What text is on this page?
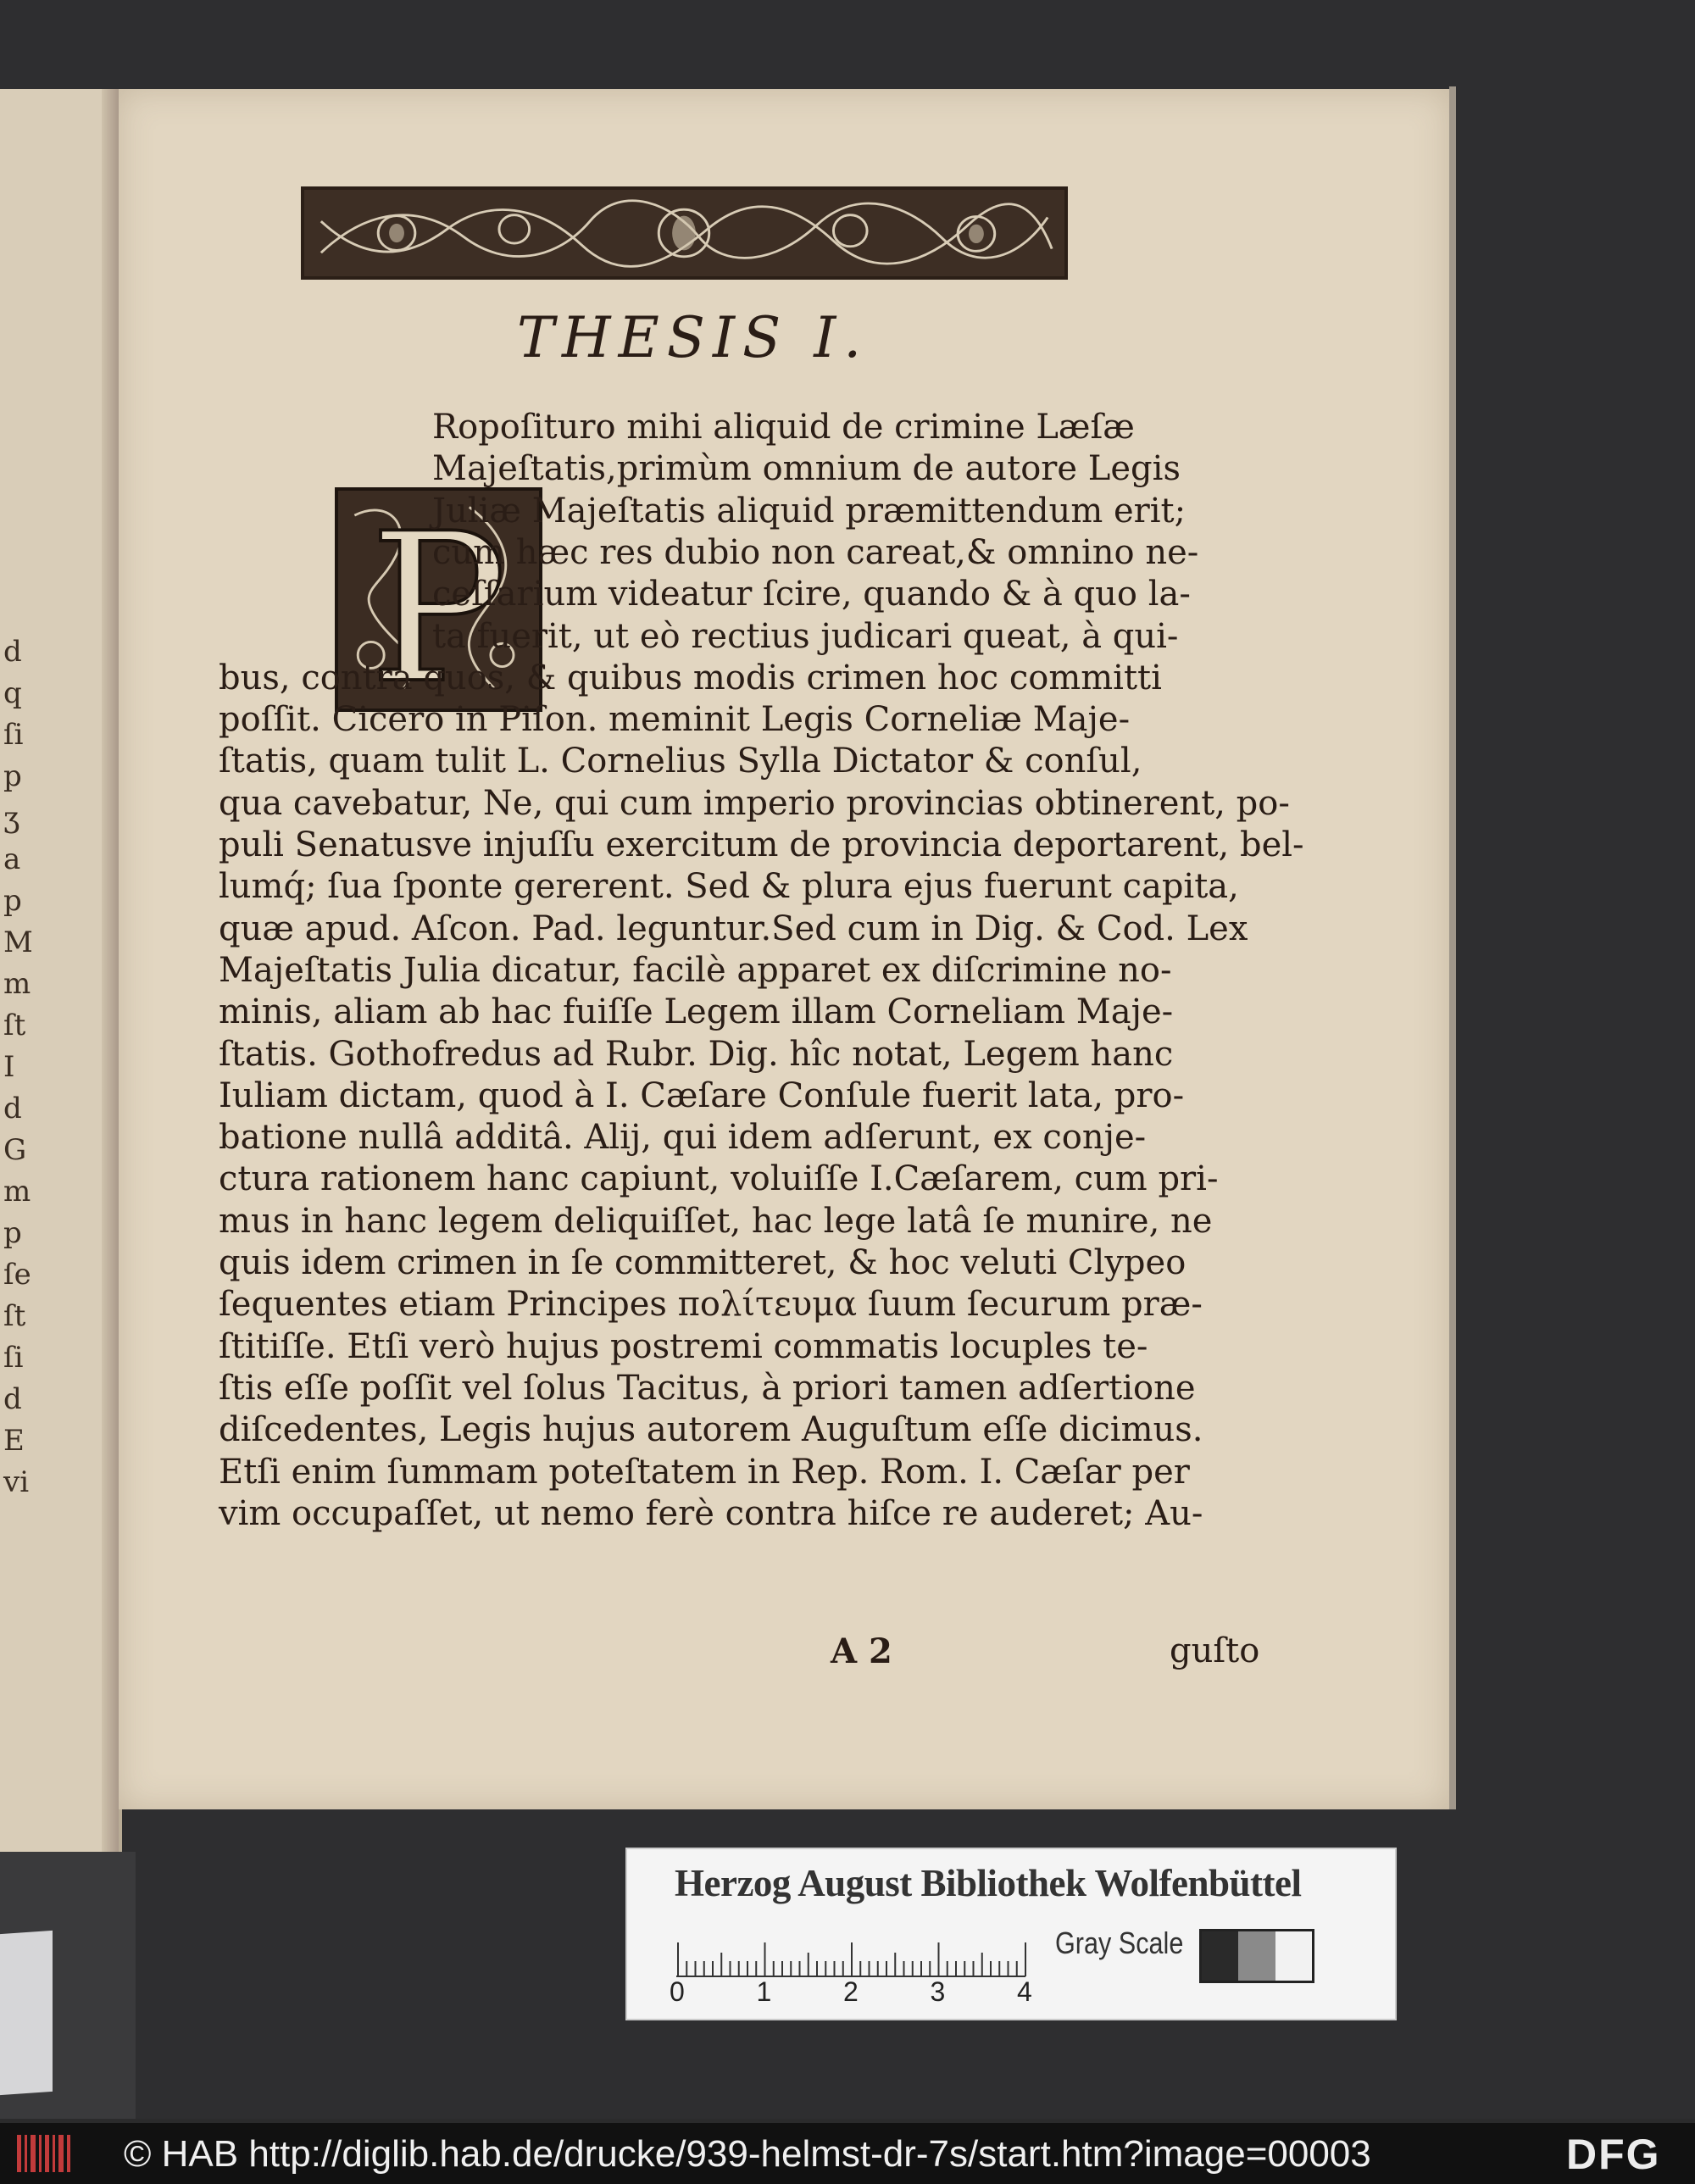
d
q
ſi
p
ʒ
a
p
M
m
ſt
I
d
G
m
p
ſe
ſt
ſi
d
E
vi
THESIS I.
P
Ropoſituro mihi aliquid de crimine Læſæ
Majeſtatis,primùm omnium de autore Legis
Juliæ Majeſtatis aliquid præmittendum erit;
cum hæc res dubio non careat,& omnino ne-
ceſſarium videatur ſcire, quando & à quo la-
ta fuerit, ut eò rectius judicari queat, à qui-
bus, contra quos, & quibus modis crimen hoc committi
poſſit. Cicero in Piſon. meminit Legis Corneliæ Maje-
ſtatis, quam tulit L. Cornelius Sylla Dictator & conſul,
qua cavebatur, Ne, qui cum imperio provincias obtinerent, po-
puli Senatusve injuſſu exercitum de provincia deportarent, bel-
lumq́; ſua ſponte gererent. Sed & plura ejus fuerunt capita,
quæ apud. Aſcon. Pad. leguntur.Sed cum in Dig. & Cod. Lex
Majeſtatis Julia dicatur, facilè apparet ex diſcrimine no-
minis, aliam ab hac fuiſſe Legem illam Corneliam Maje-
ſtatis. Gothofredus ad Rubr. Dig. hîc notat, Legem hanc
Iuliam dictam, quod à I. Cæſare Conſule fuerit lata, pro-
batione nullâ additâ. Alij, qui idem adſerunt, ex conje-
ctura rationem hanc capiunt, voluiſſe I.Cæſarem, cum pri-
mus in hanc legem deliquiſſet, hac lege latâ ſe munire, ne
quis idem crimen in ſe committeret, & hoc veluti Clypeo
ſequentes etiam Principes πολίτευμα ſuum ſecurum præ-
ſtitiſſe. Etſi verò hujus postremi commatis locuples te-
ſtis eſſe poſſit vel ſolus Tacitus, à priori tamen adſertione
diſcedentes, Legis hujus autorem Auguſtum eſſe dicimus.
Etſi enim ſummam poteſtatem in Rep. Rom. I. Cæſar per
vim occupaſſet, ut nemo ferè contra hiſce re auderet; Au-
A 2	guſto
Herzog August Bibliothek Wolfenbüttel
0	1	2	3	4
Gray Scale
© HAB http://diglib.hab.de/drucke/939-helmst-dr-7s/start.htm?image=00003	DFG
